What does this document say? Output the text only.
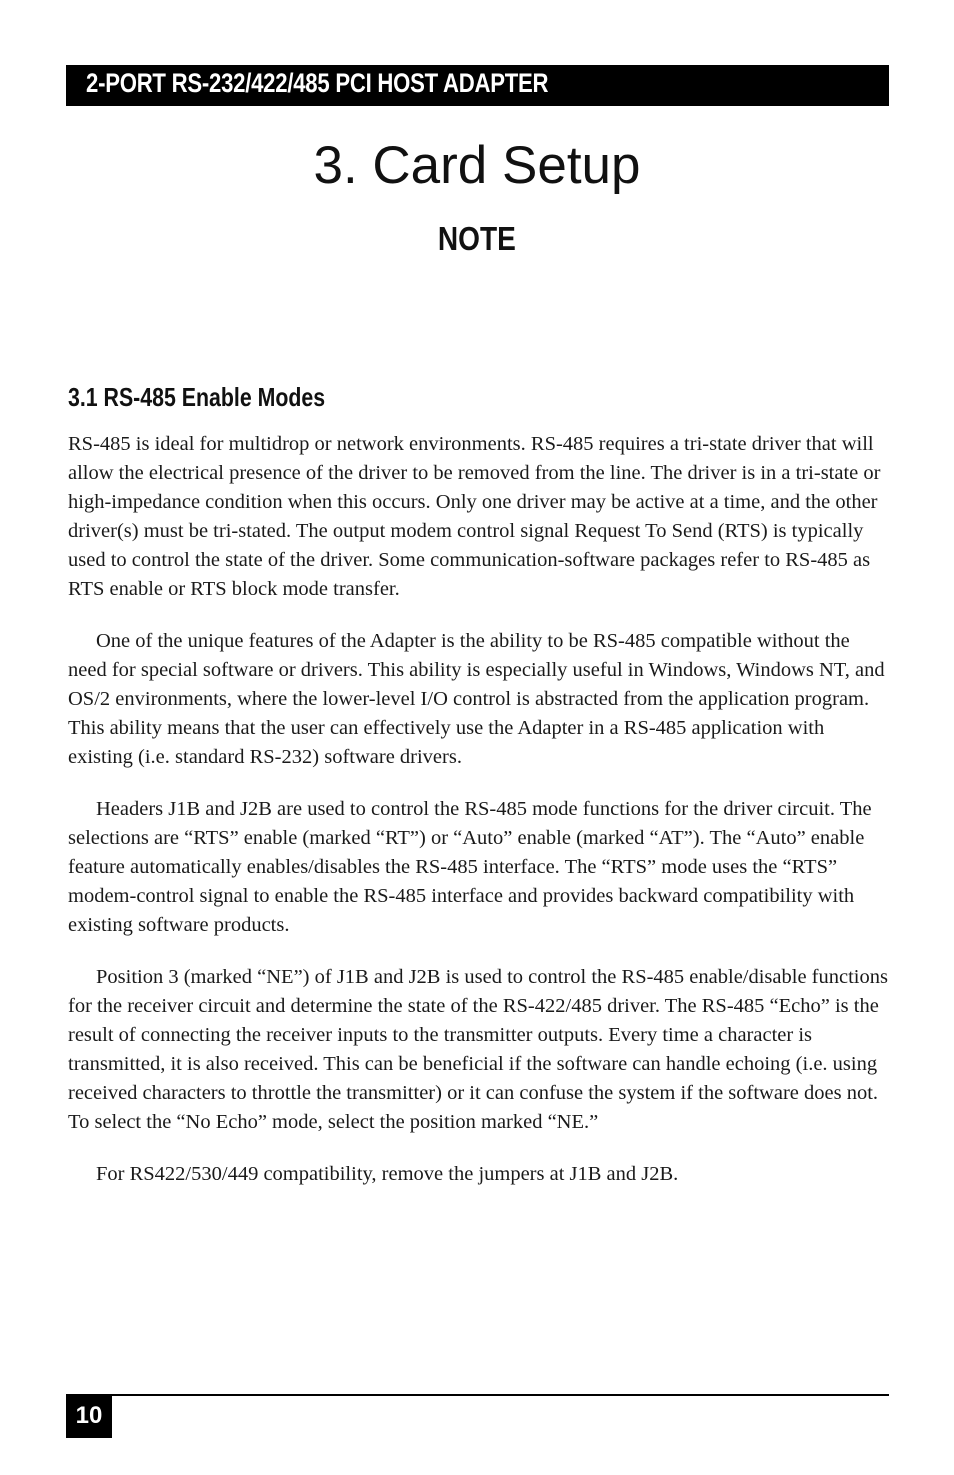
2-PORT RS-232/422/485 PCI HOST ADAPTER
3. Card Setup
NOTE
3.1 RS-485 Enable Modes

RS-485 is ideal for multidrop or network environments. RS-485 requires a tri-state driver that will allow the electrical presence of the driver to be removed from the line. The driver is in a tri-state or high-impedance condition when this occurs. Only one driver may be active at a time, and the other driver(s) must be tri-stated. The output modem control signal Request To Send (RTS) is typically used to control the state of the driver. Some communication-software packages refer to RS-485 as RTS enable or RTS block mode transfer.

One of the unique features of the Adapter is the ability to be RS-485 compatible without the need for special software or drivers. This ability is especially useful in Windows, Windows NT, and OS/2 environments, where the lower-level I/O control is abstracted from the application program. This ability means that the user can effectively use the Adapter in a RS-485 application with existing (i.e. standard RS-232) software drivers.

Headers J1B and J2B are used to control the RS-485 mode functions for the driver circuit. The selections are “RTS” enable (marked “RT”) or “Auto” enable (marked “AT”). The “Auto” enable feature automatically enables/disables the RS-485 interface. The “RTS” mode uses the “RTS” modem-control signal to enable the RS-485 interface and provides backward compatibility with existing software products.

Position 3 (marked “NE”) of J1B and J2B is used to control the RS-485 enable/disable functions for the receiver circuit and determine the state of the RS-422/485 driver. The RS-485 “Echo” is the result of connecting the receiver inputs to the transmitter outputs. Every time a character is transmitted, it is also received. This can be beneficial if the software can handle echoing (i.e. using received characters to throttle the transmitter) or it can confuse the system if the software does not. To select the “No Echo” mode, select the position marked “NE.”

For RS422/530/449 compatibility, remove the jumpers at J1B and J2B.

10
